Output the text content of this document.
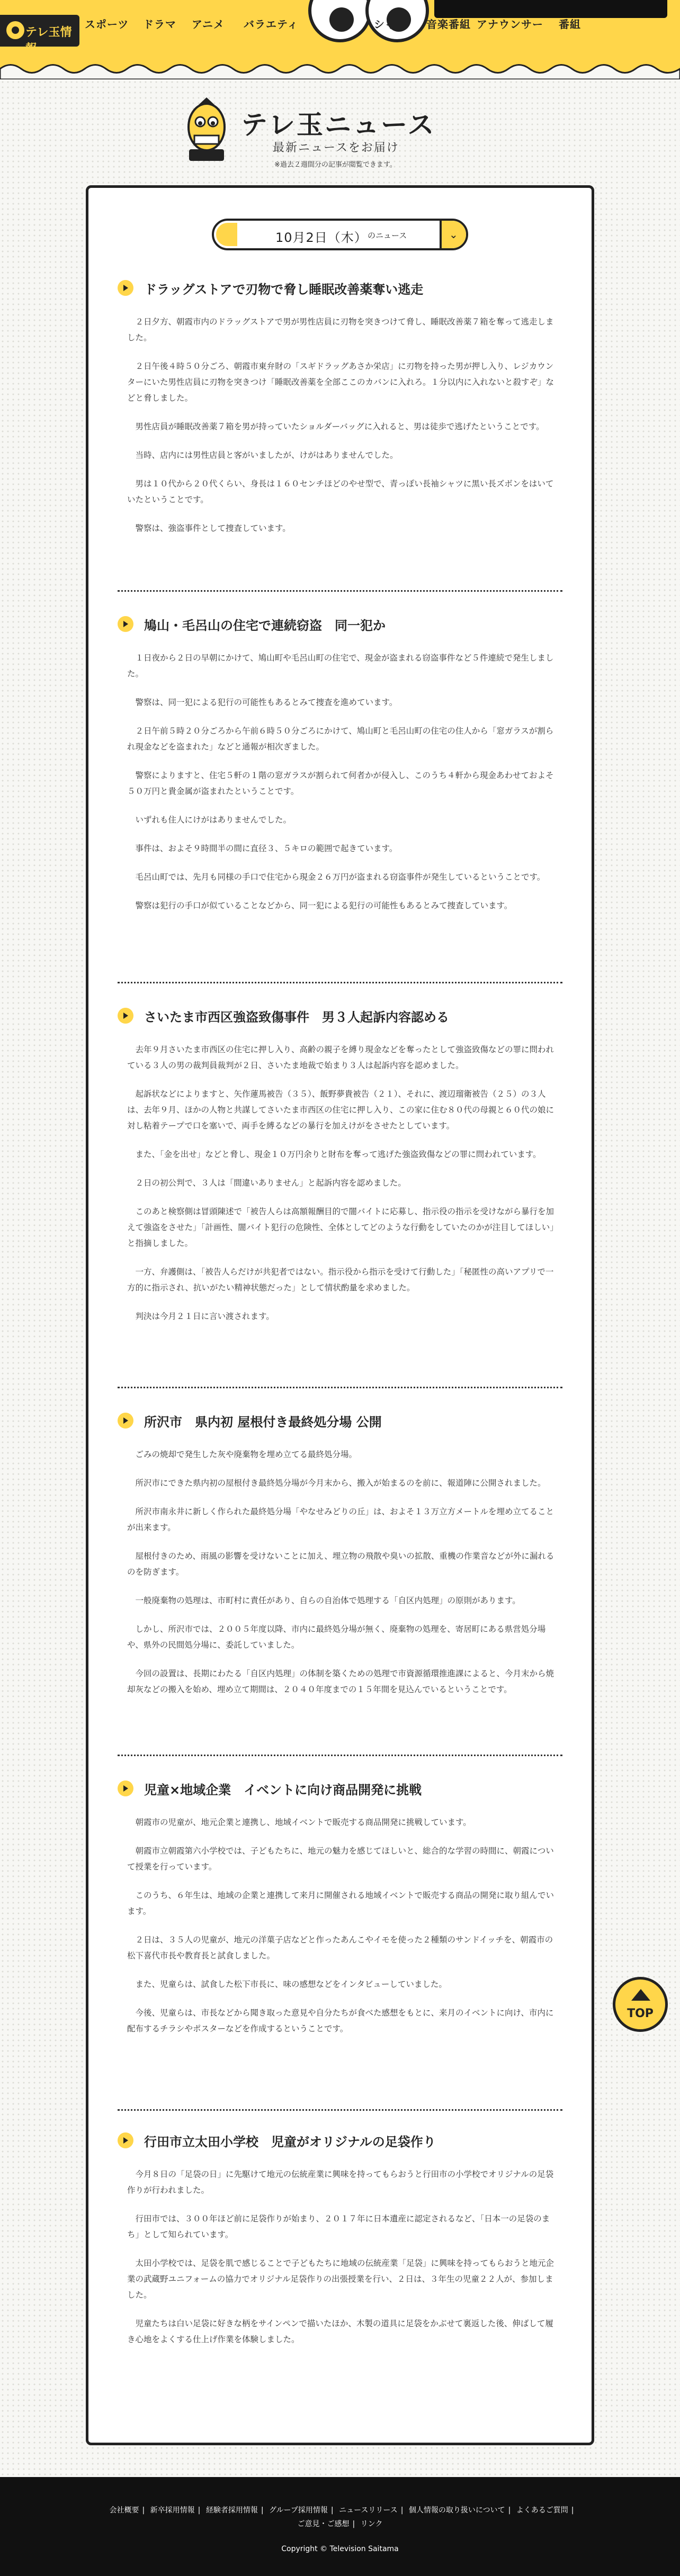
テレ玉情報
スポーツ ドラマ アニメ バラエティ	シャル 音楽番組 アナウンサー 番組
テレ玉ニュース
最新ニュースをお届け
※過去２週間分の記事が閲覧できます。
10月2日（木） のニュース	⌄
ドラッグストアで刃物で脅し睡眠改善薬奪い逃走

２日夕方、朝霞市内のドラッグストアで男が男性店員に刃物を突きつけて脅し、睡眠改善薬７箱を奪って逃走しました。

２日午後４時５０分ごろ、朝霞市東弁財の「スギドラッグあさか栄店」に刃物を持った男が押し入り、レジカウンターにいた男性店員に刃物を突きつけ「睡眠改善薬を全部ここのカバンに入れろ。１分以内に入れないと殺すぞ」などと脅しました。

男性店員が睡眠改善薬７箱を男が持っていたショルダーバッグに入れると、男は徒歩で逃げたということです。

当時、店内には男性店員と客がいましたが、けがはありませんでした。

男は１０代から２０代くらい、身長は１６０センチほどのやせ型で、青っぽい長袖シャツに黒い長ズボンをはいていたということです。

警察は、強盗事件として捜査しています。

鳩山・毛呂山の住宅で連続窃盗　同一犯か

１日夜から２日の早朝にかけて、鳩山町や毛呂山町の住宅で、現金が盗まれる窃盗事件など５件連続で発生しました。

警察は、同一犯による犯行の可能性もあるとみて捜査を進めています。

２日午前５時２０分ごろから午前６時５０分ごろにかけて、鳩山町と毛呂山町の住宅の住人から「窓ガラスが割られ現金などを盗まれた」などと通報が相次ぎました。

警察によりますと、住宅５軒の１階の窓ガラスが割られて何者かが侵入し、このうち４軒から現金あわせておよそ５０万円と貴金属が盗まれたということです。

いずれも住人にけがはありませんでした。

事件は、およそ９時間半の間に直径３、５キロの範囲で起きています。

毛呂山町では、先月も同様の手口で住宅から現金２６万円が盗まれる窃盗事件が発生しているということです。

警察は犯行の手口が似ていることなどから、同一犯による犯行の可能性もあるとみて捜査しています。

さいたま市西区強盗致傷事件　男３人起訴内容認める

去年９月さいたま市西区の住宅に押し入り、高齢の親子を縛り現金などを奪ったとして強盗致傷などの罪に問われている３人の男の裁判員裁判が２日、さいたま地裁で始まり３人は起訴内容を認めました。

起訴状などによりますと、矢作蓮馬被告（３５）、飯野夢貴被告（２１）、それに、渡辺瑠衛被告（２５）の３人は、去年９月、ほかの人物と共謀してさいたま市西区の住宅に押し入り、この家に住む８０代の母親と６０代の娘に対し粘着テープで口を塞いで、両手を縛るなどの暴行を加えけがをさせたとしています。

また、「金を出せ」などと脅し、現金１０万円余りと財布を奪って逃げた強盗致傷などの罪に問われています。

２日の初公判で、３人は「間違いありません」と起訴内容を認めました。

このあと検察側は冒頭陳述で「被告人らは高額報酬目的で闇バイトに応募し、指示役の指示を受けながら暴行を加えて強盗をさせた」「計画性、闇バイト犯行の危険性、全体としてどのような行動をしていたのかが注目してほしい」と指摘しました。

一方、弁護側は、「被告人らだけが共犯者ではない。指示役から指示を受けて行動した」「秘匿性の高いアプリで一方的に指示され、抗いがたい精神状態だった」として情状酌量を求めました。

判決は今月２１日に言い渡されます。

所沢市　県内初 屋根付き最終処分場 公開

ごみの焼却で発生した灰や廃棄物を埋め立てる最終処分場。

所沢市にできた県内初の屋根付き最終処分場が今月末から、搬入が始まるのを前に、報道陣に公開されました。

所沢市南永井に新しく作られた最終処分場「やなせみどりの丘」は、およそ１３万立方メートルを埋め立てることが出来ます。

屋根付きのため、雨風の影響を受けないことに加え、埋立物の飛散や臭いの拡散、重機の作業音などが外に漏れるのを防ぎます。

一般廃棄物の処理は、市町村に責任があり、自らの自治体で処理する「自区内処理」の原則があります。

しかし、所沢市では、２００５年度以降、市内に最終処分場が無く、廃棄物の処理を、寄居町にある県営処分場や、県外の民間処分場に、委託していました。

今回の設置は、長期にわたる「自区内処理」の体制を築くための処理で市資源循環推進課によると、今月末から焼却灰などの搬入を始め、埋め立て期間は、２０４０年度までの１５年間を見込んでいるということです。

児童×地域企業　イベントに向け商品開発に挑戦

朝霞市の児童が、地元企業と連携し、地域イベントで販売する商品開発に挑戦しています。

朝霞市立朝霞第六小学校では、子どもたちに、地元の魅力を感じてほしいと、総合的な学習の時間に、朝霞について授業を行っています。

このうち、６年生は、地域の企業と連携して来月に開催される地域イベントで販売する商品の開発に取り組んでいます。

２日は、３５人の児童が、地元の洋菓子店などと作ったあんこやイモを使った２種類のサンドイッチを、朝霞市の松下喜代市長や教育長と試食しました。

また、児童らは、試食した松下市長に、味の感想などをインタビューしていました。

今後、児童らは、市長などから聞き取った意見や自分たちが食べた感想をもとに、来月のイベントに向け、市内に配布するチラシやポスターなどを作成するということです。

行田市立太田小学校　児童がオリジナルの足袋作り

今月８日の「足袋の日」に先駆けて地元の伝統産業に興味を持ってもらおうと行田市の小学校でオリジナルの足袋作りが行われました。

行田市では、３００年ほど前に足袋作りが始まり、２０１７年に日本遺産に認定されるなど、「日本一の足袋のまち」として知られています。

太田小学校では、足袋を肌で感じることで子どもたちに地域の伝統産業「足袋」に興味を持ってもらおうと地元企業の武蔵野ユニフォームの協力でオリジナル足袋作りの出張授業を行い、２日は、３年生の児童２２人が、参加しました。

児童たちは白い足袋に好きな柄をサインペンで描いたほか、木製の道具に足袋をかぶせて裏返した後、伸ばして履き心地をよくする仕上げ作業を体験しました。

TOP
会社概要 | 新卒採用情報 | 経験者採用情報 | グループ採用情報 | ニュースリリース | 個人情報の取り扱いについて | よくあるご質問 |
ご意見・ご感想 | リンク
Copyright © Television Saitama
